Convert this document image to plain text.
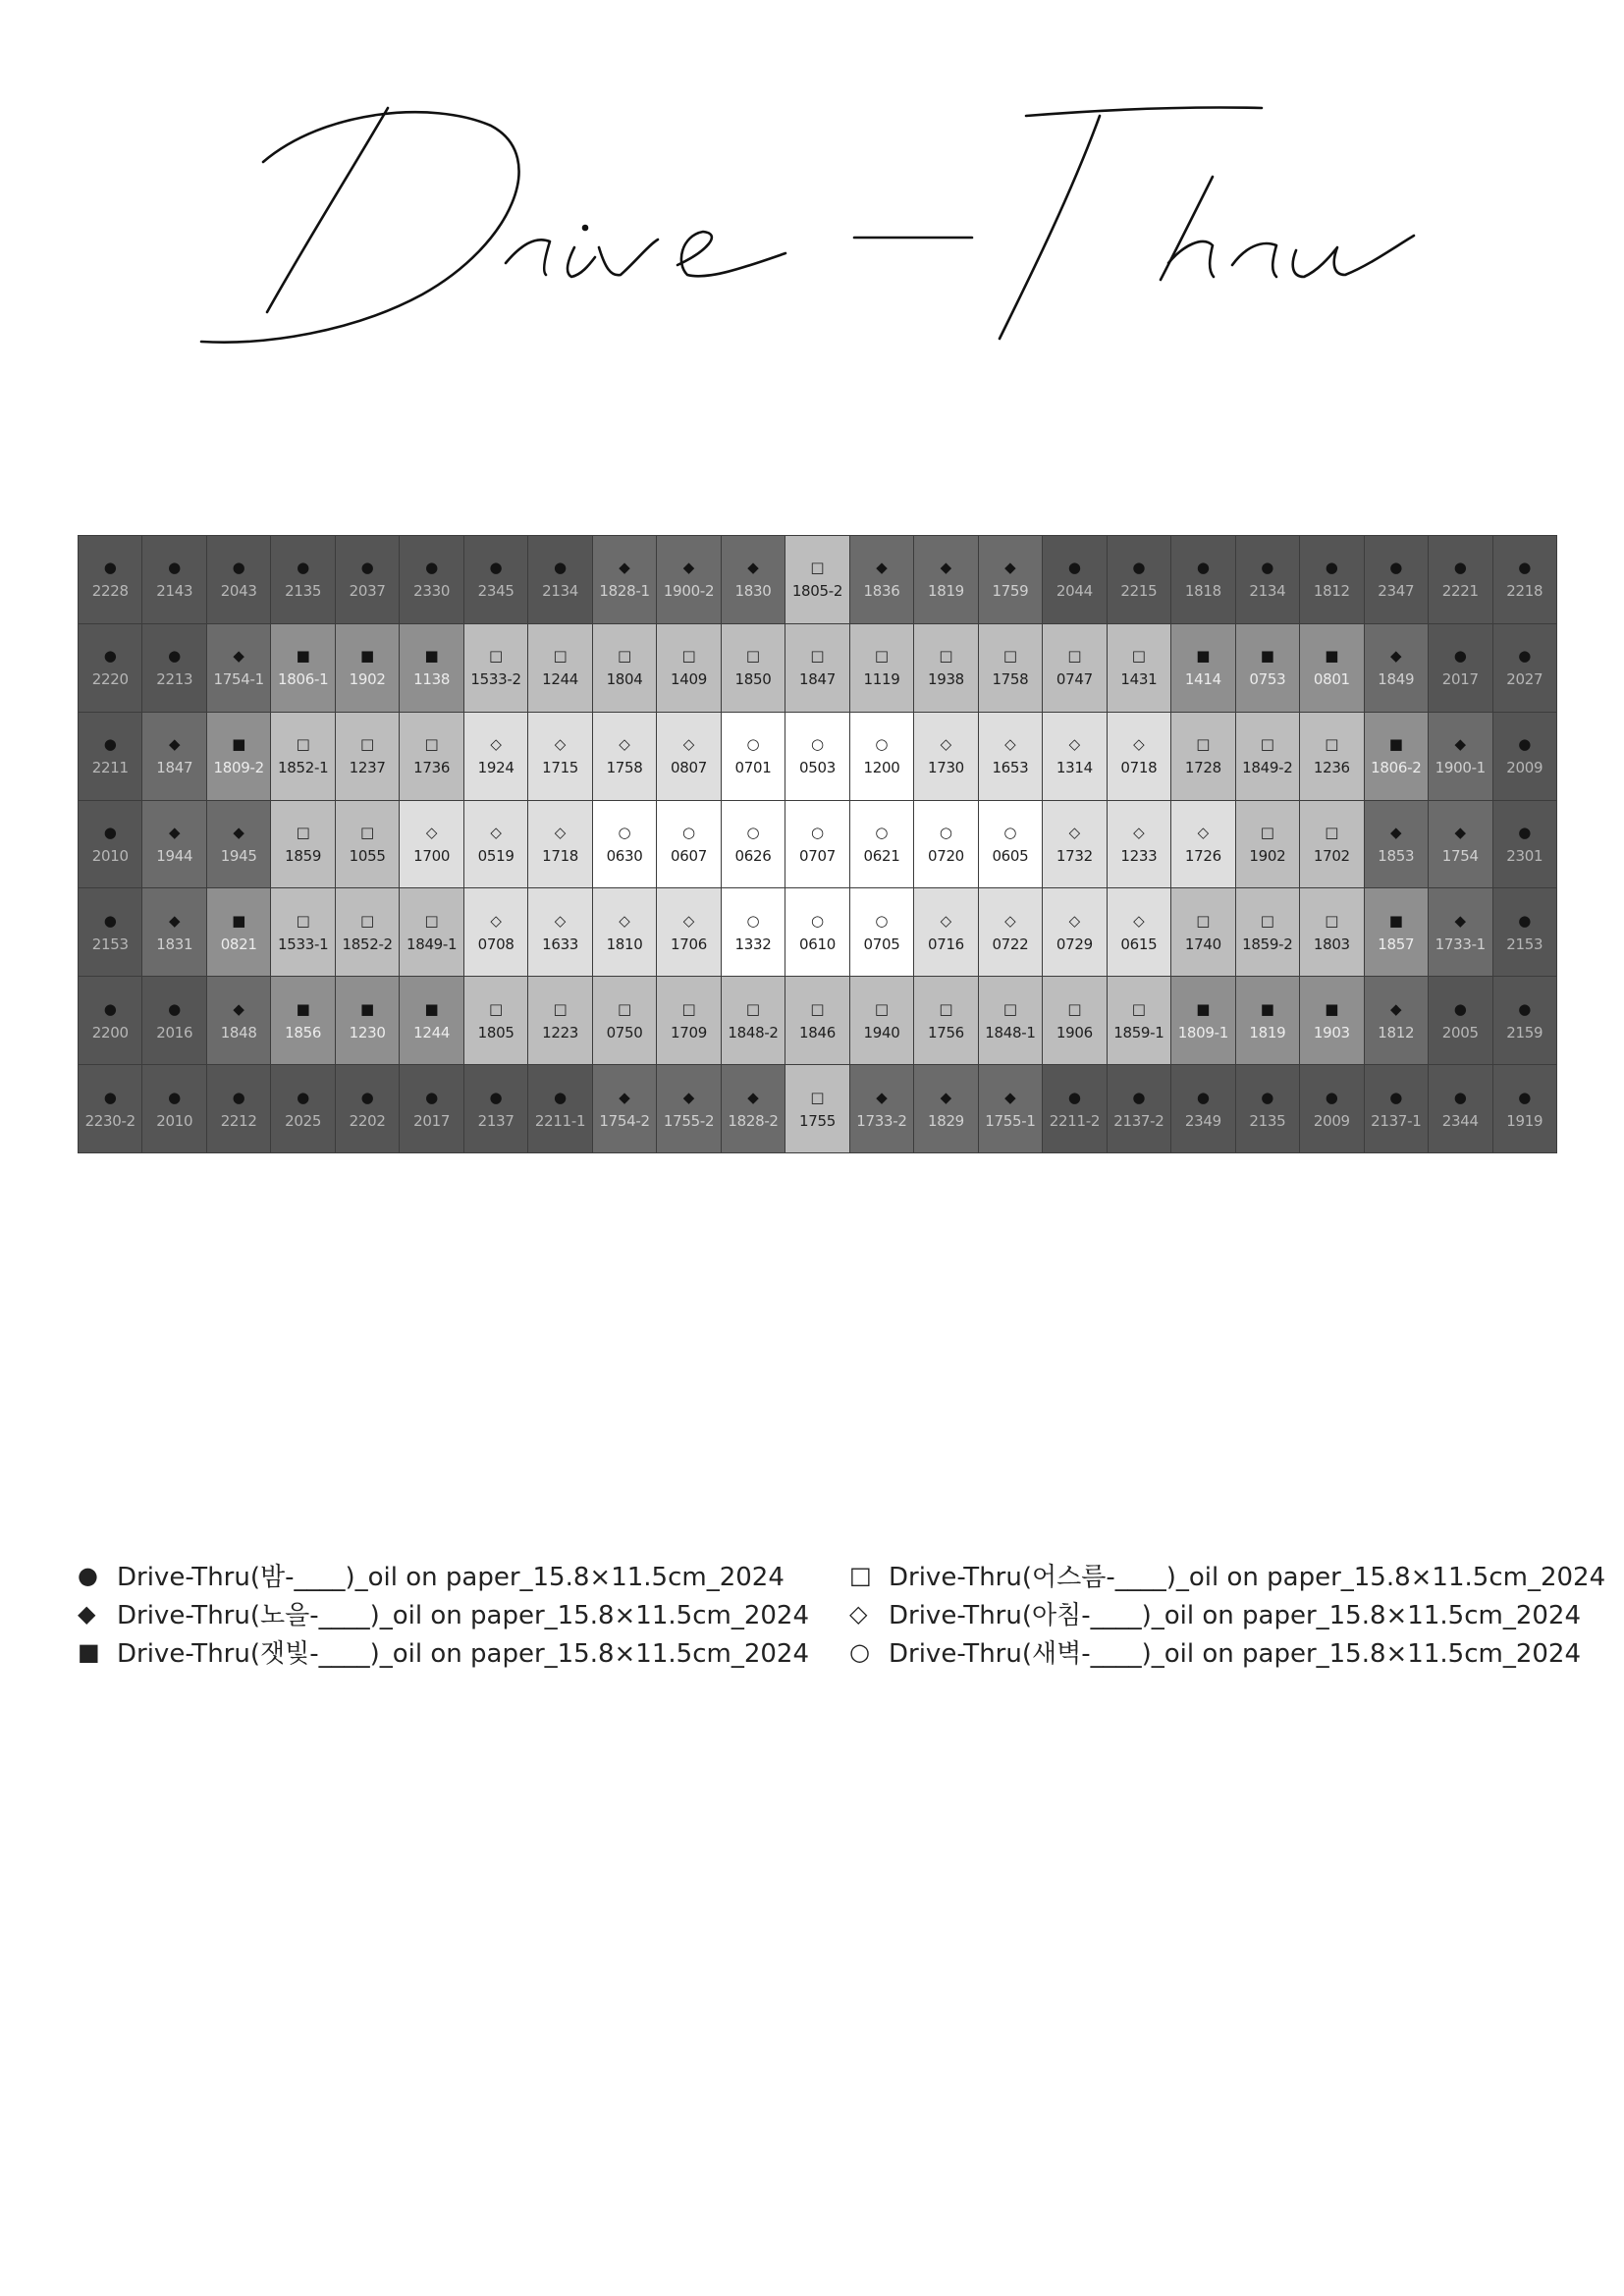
●
2228
●
2143
●
2043
●
2135
●
2037
●
2330
●
2345
●
2134
◆
1828-1
◆
1900-2
◆
1830
□
1805-2
◆
1836
◆
1819
◆
1759
●
2044
●
2215
●
1818
●
2134
●
1812
●
2347
●
2221
●
2218
●
2220
●
2213
◆
1754-1
■
1806-1
■
1902
■
1138
□
1533-2
□
1244
□
1804
□
1409
□
1850
□
1847
□
1119
□
1938
□
1758
□
0747
□
1431
■
1414
■
0753
■
0801
◆
1849
●
2017
●
2027
●
2211
◆
1847
■
1809-2
□
1852-1
□
1237
□
1736
◇
1924
◇
1715
◇
1758
◇
0807
○
0701
○
0503
○
1200
◇
1730
◇
1653
◇
1314
◇
0718
□
1728
□
1849-2
□
1236
■
1806-2
◆
1900-1
●
2009
●
2010
◆
1944
◆
1945
□
1859
□
1055
◇
1700
◇
0519
◇
1718
○
0630
○
0607
○
0626
○
0707
○
0621
○
0720
○
0605
◇
1732
◇
1233
◇
1726
□
1902
□
1702
◆
1853
◆
1754
●
2301
●
2153
◆
1831
■
0821
□
1533-1
□
1852-2
□
1849-1
◇
0708
◇
1633
◇
1810
◇
1706
○
1332
○
0610
○
0705
◇
0716
◇
0722
◇
0729
◇
0615
□
1740
□
1859-2
□
1803
■
1857
◆
1733-1
●
2153
●
2200
●
2016
◆
1848
■
1856
■
1230
■
1244
□
1805
□
1223
□
0750
□
1709
□
1848-2
□
1846
□
1940
□
1756
□
1848-1
□
1906
□
1859-1
■
1809-1
■
1819
■
1903
◆
1812
●
2005
●
2159
●
2230-2
●
2010
●
2212
●
2025
●
2202
●
2017
●
2137
●
2211-1
◆
1754-2
◆
1755-2
◆
1828-2
□
1755
◆
1733-2
◆
1829
◆
1755-1
●
2211-2
●
2137-2
●
2349
●
2135
●
2009
●
2137-1
●
2344
●
1919
● Drive-Thru(밤-____)_oil on paper_15.8×11.5cm_2024
◆ Drive-Thru(노을-____)_oil on paper_15.8×11.5cm_2024
■ Drive-Thru(잿빛-____)_oil on paper_15.8×11.5cm_2024
□ Drive-Thru(어스름-____)_oil on paper_15.8×11.5cm_2024
◇ Drive-Thru(아침-____)_oil on paper_15.8×11.5cm_2024
○ Drive-Thru(새벽-____)_oil on paper_15.8×11.5cm_2024
